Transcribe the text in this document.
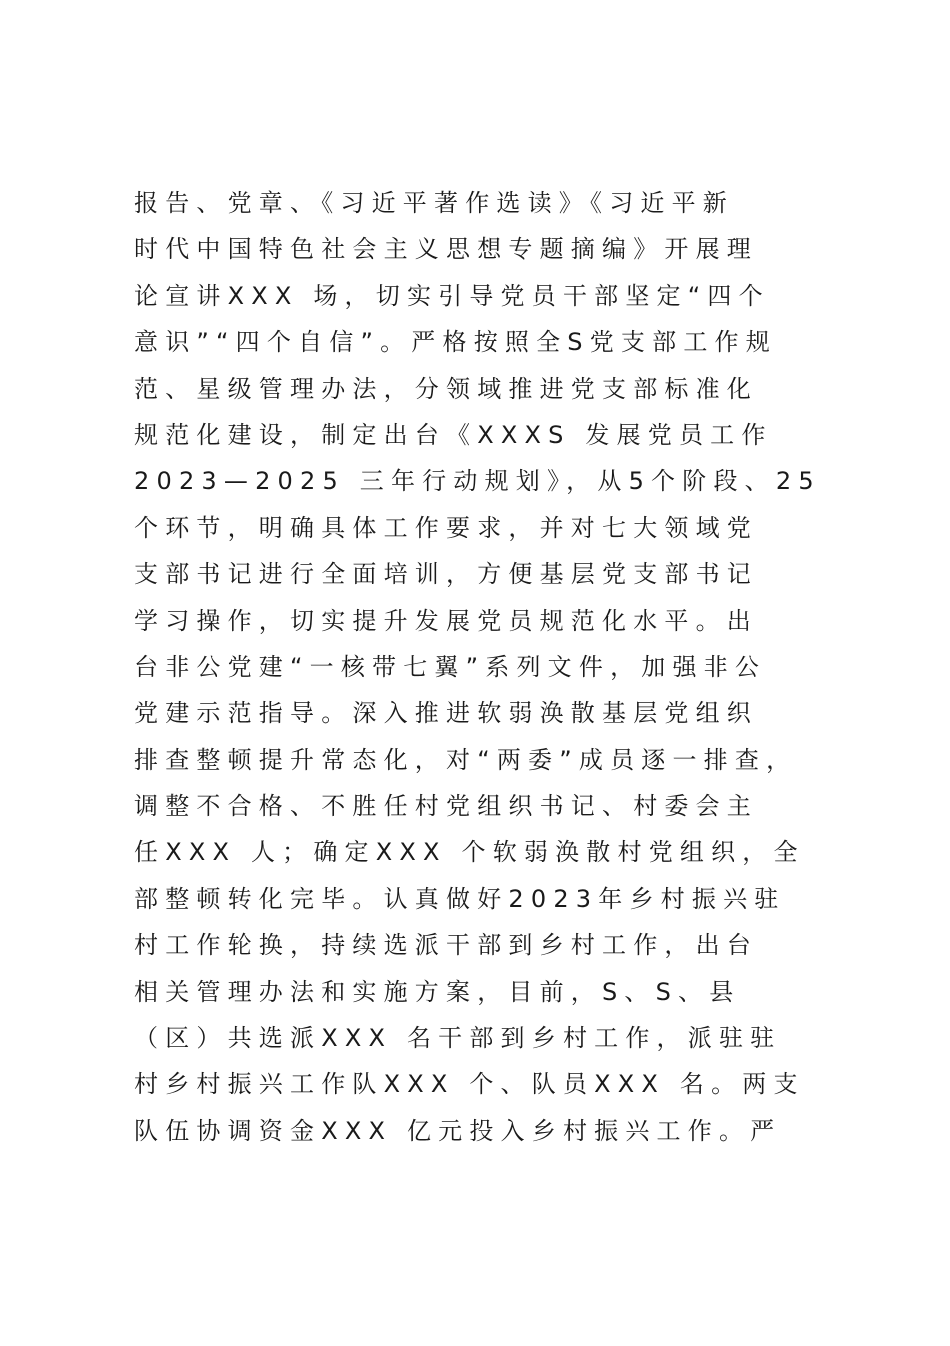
报告、党章、《习近平著作选读》《习近平新
时代中国特色社会主义思想专题摘编》开展理
论宣讲XXX 场，切实引导党员干部坚定“四个
意识”“四个自信”。严格按照全S党支部工作规
范、星级管理办法，分领域推进党支部标准化
规范化建设，制定出台《XXXS 发展党员工作
2023—2025 三年行动规划》，从5个阶段、25
个环节，明确具体工作要求，并对七大领域党
支部书记进行全面培训，方便基层党支部书记
学习操作，切实提升发展党员规范化水平。出
台非公党建“一核带七翼”系列文件，加强非公
党建示范指导。深入推进软弱涣散基层党组织
排查整顿提升常态化，对“两委”成员逐一排查，
调整不合格、不胜任村党组织书记、村委会主
任XXX 人；确定XXX 个软弱涣散村党组织，全
部整顿转化完毕。认真做好2023年乡村振兴驻
村工作轮换，持续选派干部到乡村工作，出台
相关管理办法和实施方案，目前，S、S、县
（区）共选派XXX 名干部到乡村工作，派驻驻
村乡村振兴工作队XXX 个、队员XXX 名。两支
队伍协调资金XXX 亿元投入乡村振兴工作。严
